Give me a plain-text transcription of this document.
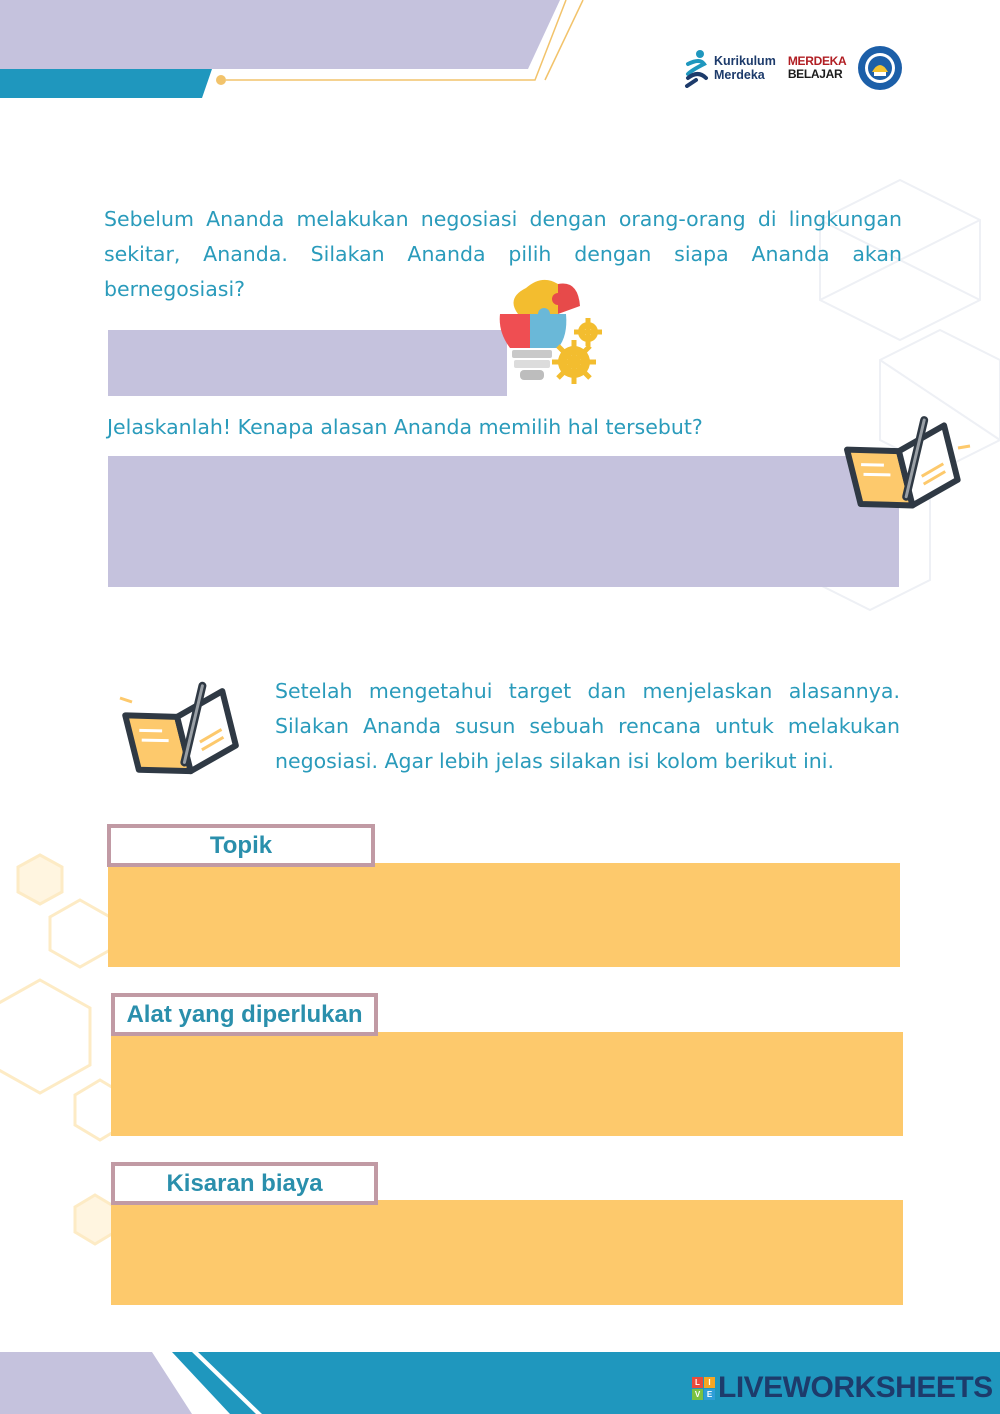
Kurikulum
Merdeka
MERDEKA
BELAJAR
Sebelum Ananda melakukan negosiasi dengan orang-orang di lingkungan sekitar, Ananda. Silakan Ananda pilih dengan siapa Ananda akan bernegosiasi?
Jelaskanlah! Kenapa alasan Ananda memilih hal tersebut?
Setelah mengetahui target dan menjelaskan alasannya. Silakan Ananda susun sebuah rencana untuk melakukan negosiasi. Agar lebih jelas silakan isi kolom berikut ini.
Topik
Alat yang diperlukan
Kisaran biaya
L	I
V E LIVEWORKSHEETS
